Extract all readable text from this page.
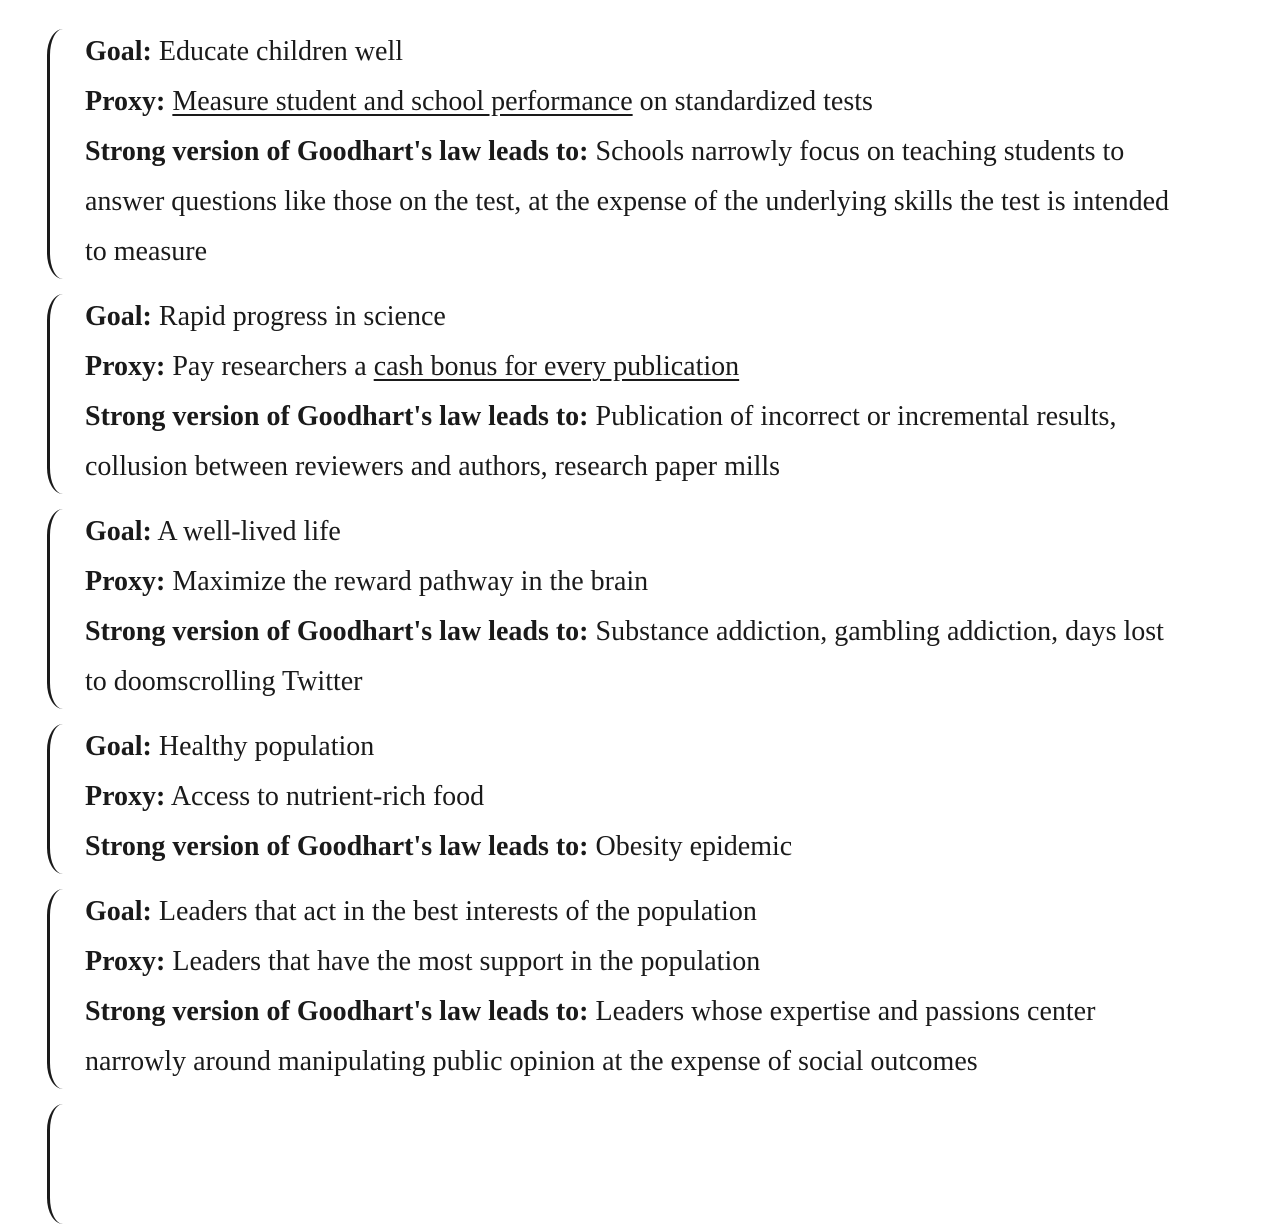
Goal: Educate children well
Proxy: Measure student and school performance on standardized tests
Strong version of Goodhart's law leads to: Schools narrowly focus on teaching students to answer questions like those on the test, at the expense of the underlying skills the test is intended to measure
Goal: Rapid progress in science
Proxy: Pay researchers a cash bonus for every publication
Strong version of Goodhart's law leads to: Publication of incorrect or incremental results, collusion between reviewers and authors, research paper mills
Goal: A well-lived life
Proxy: Maximize the reward pathway in the brain
Strong version of Goodhart's law leads to: Substance addiction, gambling addiction, days lost to doomscrolling Twitter
Goal: Healthy population
Proxy: Access to nutrient-rich food
Strong version of Goodhart's law leads to: Obesity epidemic
Goal: Leaders that act in the best interests of the population
Proxy: Leaders that have the most support in the population
Strong version of Goodhart's law leads to: Leaders whose expertise and passions center narrowly around manipulating public opinion at the expense of social outcomes
